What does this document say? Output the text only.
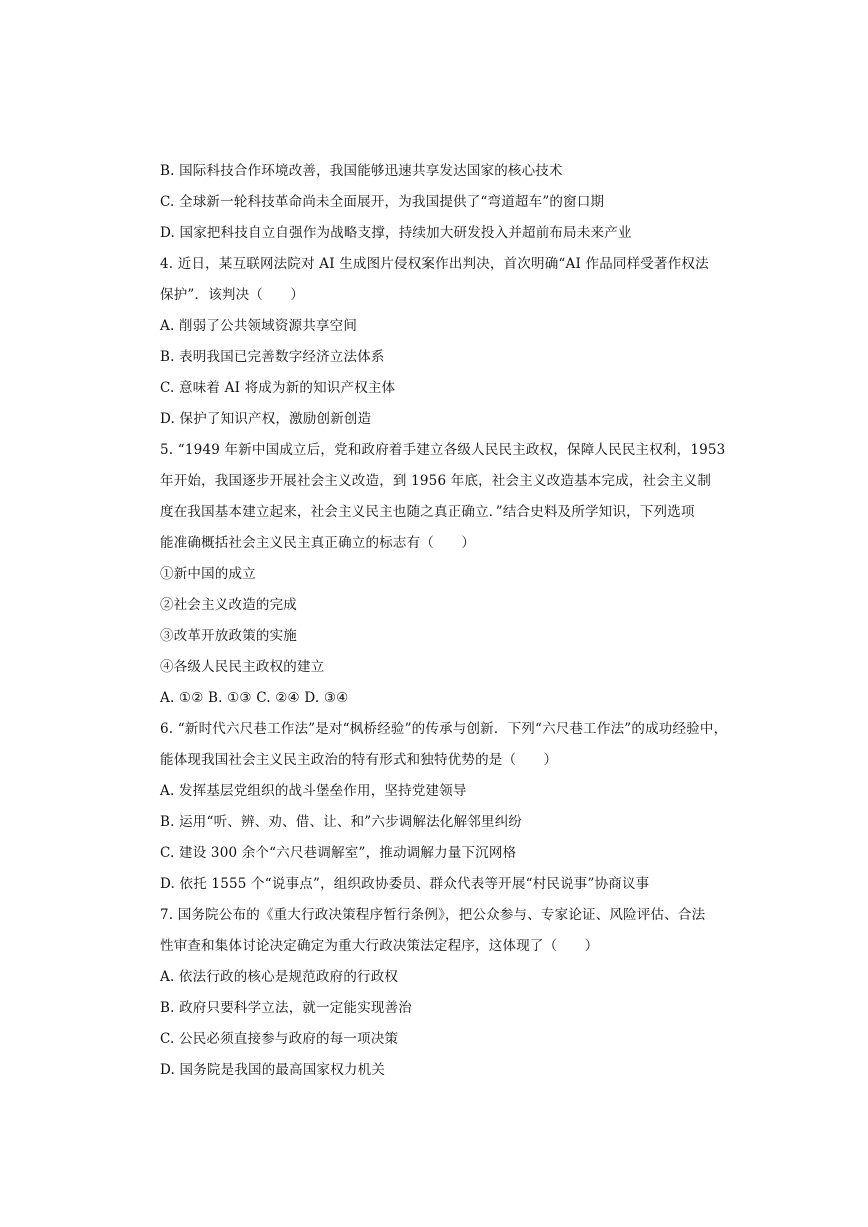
B. 国际科技合作环境改善，我国能够迅速共享发达国家的核心技术
C. 全球新一轮科技革命尚未全面展开，为我国提供了“弯道超车”的窗口期
D. 国家把科技自立自强作为战略支撑，持续加大研发投入并超前布局未来产业
4. 近日，某互联网法院对 AI 生成图片侵权案作出判决，首次明确“AI 作品同样受著作权法
保护”．该判决（　　）
A. 削弱了公共领域资源共享空间
B. 表明我国已完善数字经济立法体系
C. 意味着 AI 将成为新的知识产权主体
D. 保护了知识产权，激励创新创造
5. “1949 年新中国成立后，党和政府着手建立各级人民民主政权，保障人民民主权利，1953
年开始，我国逐步开展社会主义改造，到 1956 年底，社会主义改造基本完成，社会主义制
度在我国基本建立起来，社会主义民主也随之真正确立．”结合史料及所学知识，下列选项
能准确概括社会主义民主真正确立的标志有（　　）
①新中国的成立
②社会主义改造的完成
③改革开放政策的实施
④各级人民民主政权的建立
A. ①② B. ①③ C. ②④ D. ③④
6. “新时代六尺巷工作法”是对“枫桥经验”的传承与创新．下列“六尺巷工作法”的成功经验中，
能体现我国社会主义民主政治的特有形式和独特优势的是（　　）
A. 发挥基层党组织的战斗堡垒作用，坚持党建领导
B. 运用“听、辨、劝、借、让、和”六步调解法化解邻里纠纷
C. 建设 300 余个“六尺巷调解室”，推动调解力量下沉网格
D. 依托 1555 个“说事点”，组织政协委员、群众代表等开展“村民说事”协商议事
7. 国务院公布的《重大行政决策程序暂行条例》，把公众参与、专家论证、风险评估、合法
性审查和集体讨论决定确定为重大行政决策法定程序，这体现了（　　）
A. 依法行政的核心是规范政府的行政权
B. 政府只要科学立法，就一定能实现善治
C. 公民必须直接参与政府的每一项决策
D. 国务院是我国的最高国家权力机关
